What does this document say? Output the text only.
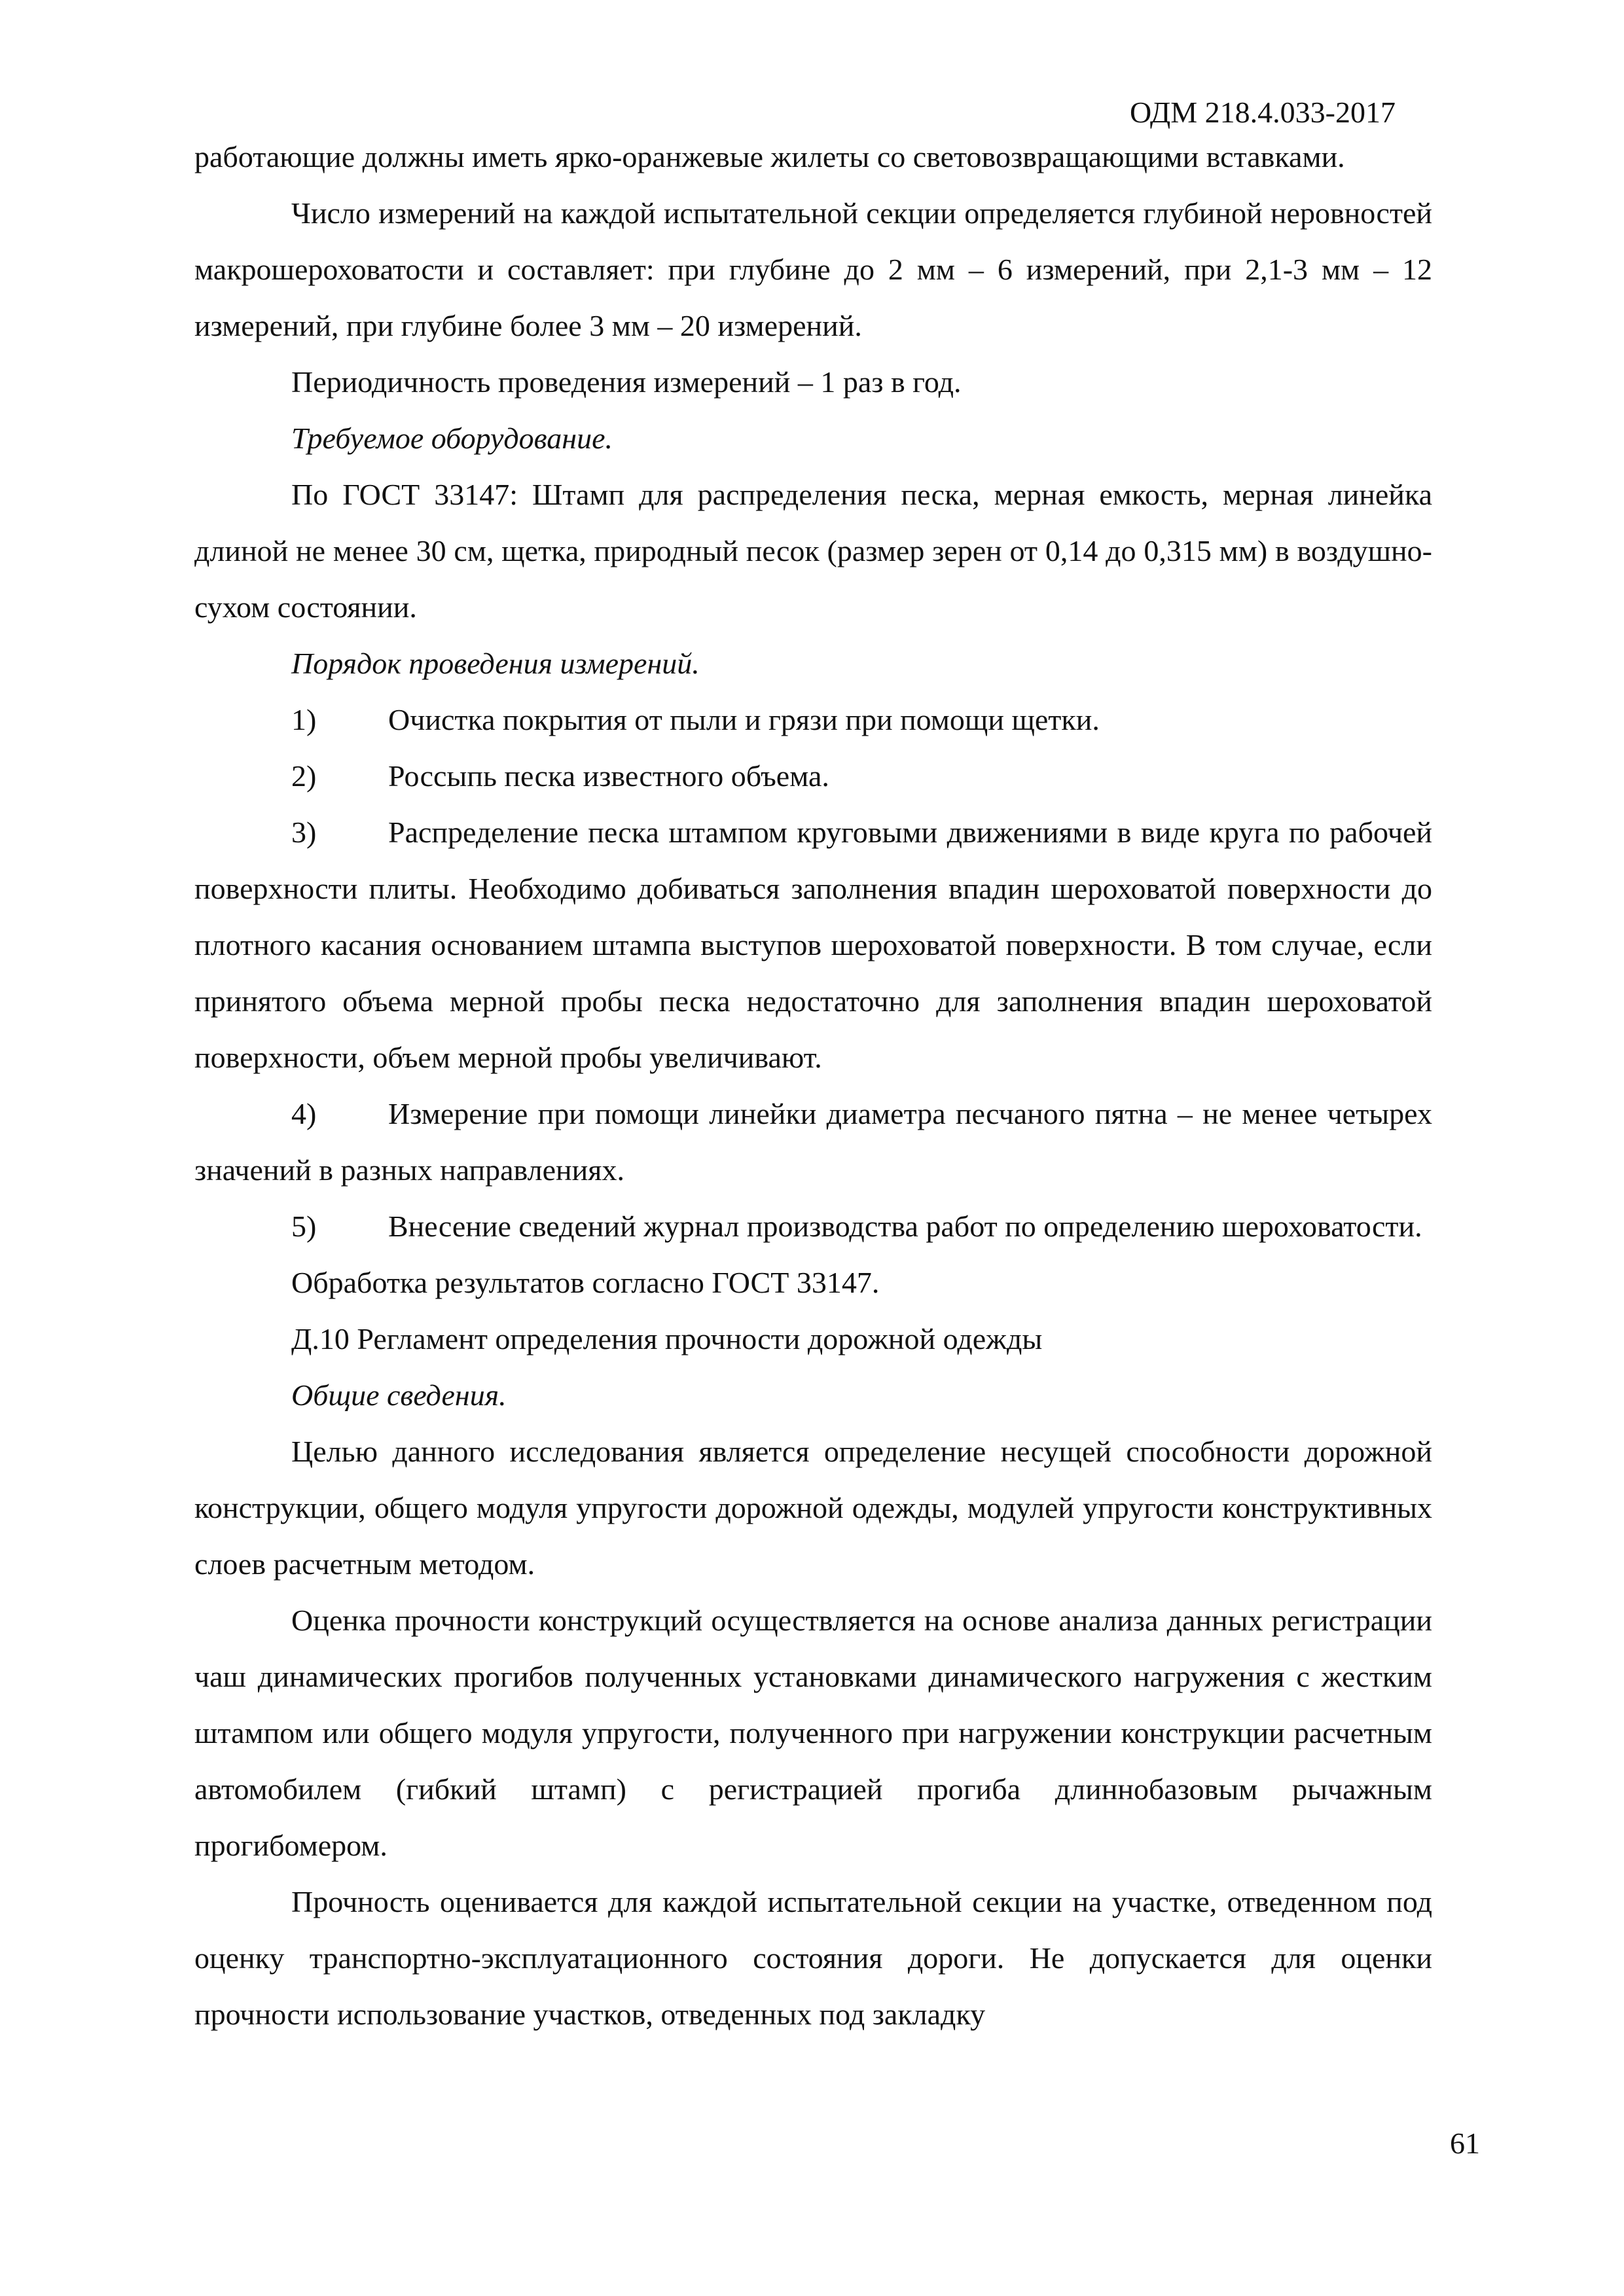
ОДМ 218.4.033-2017

работающие должны иметь ярко-оранжевые жилеты со световозвращающими вставками.

Число измерений на каждой испытательной секции определяется глубиной неровностей макрошероховатости и составляет: при глубине до 2 мм – 6 измерений, при 2,1-3 мм – 12 измерений, при глубине более 3 мм – 20 измерений.

Периодичность проведения измерений – 1 раз в год.

Требуемое оборудование.

По ГОСТ 33147: Штамп для распределения песка, мерная емкость, мерная линейка длиной не менее 30 см, щетка, природный песок (размер зерен от 0,14 до 0,315 мм) в воздушно-сухом состоянии.

Порядок проведения измерений.

1) Очистка покрытия от пыли и грязи при помощи щетки.

2) Россыпь песка известного объема.

3) Распределение песка штампом круговыми движениями в виде круга по рабочей поверхности плиты. Необходимо добиваться заполнения впадин шероховатой поверхности до плотного касания основанием штампа выступов шероховатой поверхности. В том случае, если принятого объема мерной пробы песка недостаточно для заполнения впадин шероховатой поверхности, объем мерной пробы увеличивают.

4) Измерение при помощи линейки диаметра песчаного пятна – не менее четырех значений в разных направлениях.

5) Внесение сведений журнал производства работ по определению шероховатости.

Обработка результатов согласно ГОСТ 33147.

Д.10 Регламент определения прочности дорожной одежды

Общие сведения.

Целью данного исследования является определение несущей способности дорожной конструкции, общего модуля упругости дорожной одежды, модулей упругости конструктивных слоев расчетным методом.

Оценка прочности конструкций осуществляется на основе анализа данных регистрации чаш динамических прогибов полученных установками динамического нагружения с жестким штампом или общего модуля упругости, полученного при нагружении конструкции расчетным автомобилем (гибкий штамп) с регистрацией прогиба длиннобазовым рычажным прогибомером.

Прочность оценивается для каждой испытательной секции на участке, отведенном под оценку транспортно-эксплуатационного состояния дороги. Не допускается для оценки прочности использование участков, отведенных под закладку

61
